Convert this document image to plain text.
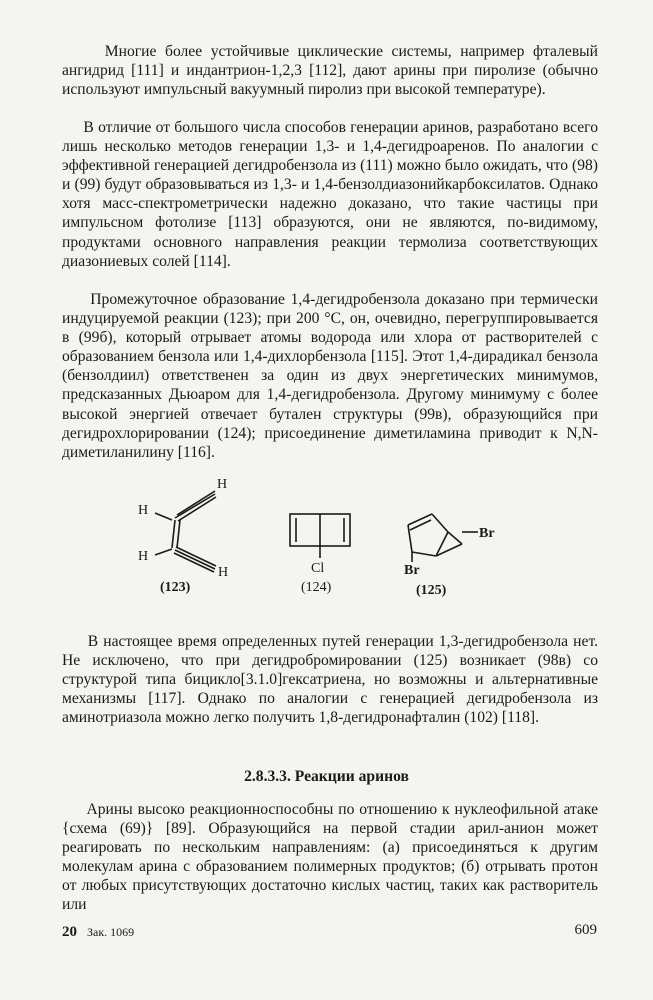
Многие более устойчивые циклические системы, например фталевый ангидрид [111] и индантрион-1,2,3 [112], дают арины при пиролизе (обычно используют импульсный вакуумный пиролиз при высокой температуре).

В отличие от большого числа способов генерации аринов, разработано всего лишь несколько методов генерации 1,3- и 1,4-дегидроаренов. По аналогии с эффективной генерацией дегидробензола из (111) можно было ожидать, что (98) и (99) будут образовываться из 1,3- и 1,4-бензолдиазонийкарбоксилатов. Однако хотя масс-спектрометрически надежно доказано, что такие частицы при импульсном фотолизе [113] образуются, они не являются, по-видимому, продуктами основного направления реакции термолиза соответствующих диазониевых солей [114].

Промежуточное образование 1,4-дегидробензола доказано при термически индуцируемой реакции (123); при 200 °С, он, очевидно, перегруппировывается в (99б), который отрывает атомы водорода или хлора от растворителей с образованием бензола или 1,4-дихлорбензола [115]. Этот 1,4-дирадикал бензола (бензолдиил) ответственен за один из двух энергетических минимумов, предсказанных Дьюаром для 1,4-дегидробензола. Другому минимуму с более высокой энергией отвечает буталeн структуры (99в), образующийся при дегидрохлорировании (124); присоединение диметиламина приводит к N,N-диметиланилину [116].

H
H
H
H
(123)
Cl
(124)
Br
Br
(125)

В настоящее время определенных путей генерации 1,3-дегидробензола нет. Не исключено, что при дегидробромировании (125) возникает (98в) со структурой типа бицикло[3.1.0]гексатриена, но возможны и альтернативные механизмы [117]. Однако по аналогии с генерацией дегидробензола из аминотриазола можно легко получить 1,8-дегидронафталин (102) [118].

2.8.3.3. Реакции аринов

Арины высоко реакционноспособны по отношению к нуклеофильной атаке {схема (69)} [89]. Образующийся на первой стадии арил-анион может реагировать по нескольким направлениям: (а) присоединяться к другим молекулам арина с образованием полимерных продуктов; (б) отрывать протон от любых присутствующих достаточно кислых частиц, таких как растворитель или

20 Зак. 1069	609
